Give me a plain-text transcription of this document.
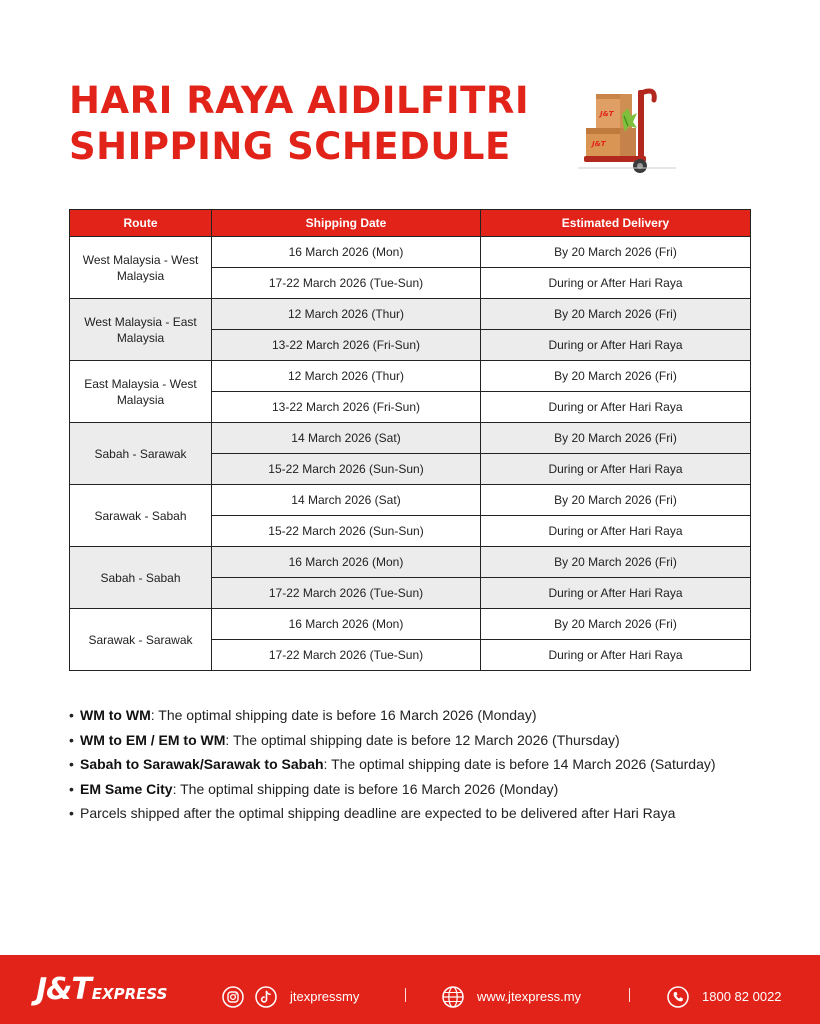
HARI RAYA AIDILFITRI
SHIPPING SCHEDULE
J&T
J&T
Route	Shipping Date	Estimated Delivery
West Malaysia - West Malaysia	16 March 2026 (Mon)	By 20 March 2026 (Fri)
	17-22 March 2026 (Tue-Sun)	During or After Hari Raya
West Malaysia - East Malaysia	12 March 2026 (Thur)	By 20 March 2026 (Fri)
	13-22 March 2026 (Fri-Sun)	During or After Hari Raya
East Malaysia - West Malaysia	12 March 2026 (Thur)	By 20 March 2026 (Fri)
	13-22 March 2026 (Fri-Sun)	During or After Hari Raya
Sabah - Sarawak	14 March 2026 (Sat)	By 20 March 2026 (Fri)
	15-22 March 2026 (Sun-Sun)	During or After Hari Raya
Sarawak - Sabah	14 March 2026 (Sat)	By 20 March 2026 (Fri)
	15-22 March 2026 (Sun-Sun)	During or After Hari Raya
Sabah - Sabah	16 March 2026 (Mon)	By 20 March 2026 (Fri)
	17-22 March 2026 (Tue-Sun)	During or After Hari Raya
Sarawak - Sarawak	16 March 2026 (Mon)	By 20 March 2026 (Fri)
	17-22 March 2026 (Tue-Sun)	During or After Hari Raya
• WM to WM: The optimal shipping date is before 16 March 2026 (Monday)
• WM to EM / EM to WM: The optimal shipping date is before 12 March 2026 (Thursday)
• Sabah to Sarawak/Sarawak to Sabah: The optimal shipping date is before 14 March 2026 (Saturday)
• EM Same City: The optimal shipping date is before 16 March 2026 (Monday)
• Parcels shipped after the optimal shipping deadline are expected to be delivered after Hari Raya
J&T EXPRESS	jtexpressmy	www.jtexpress.my	1800 82 0022
